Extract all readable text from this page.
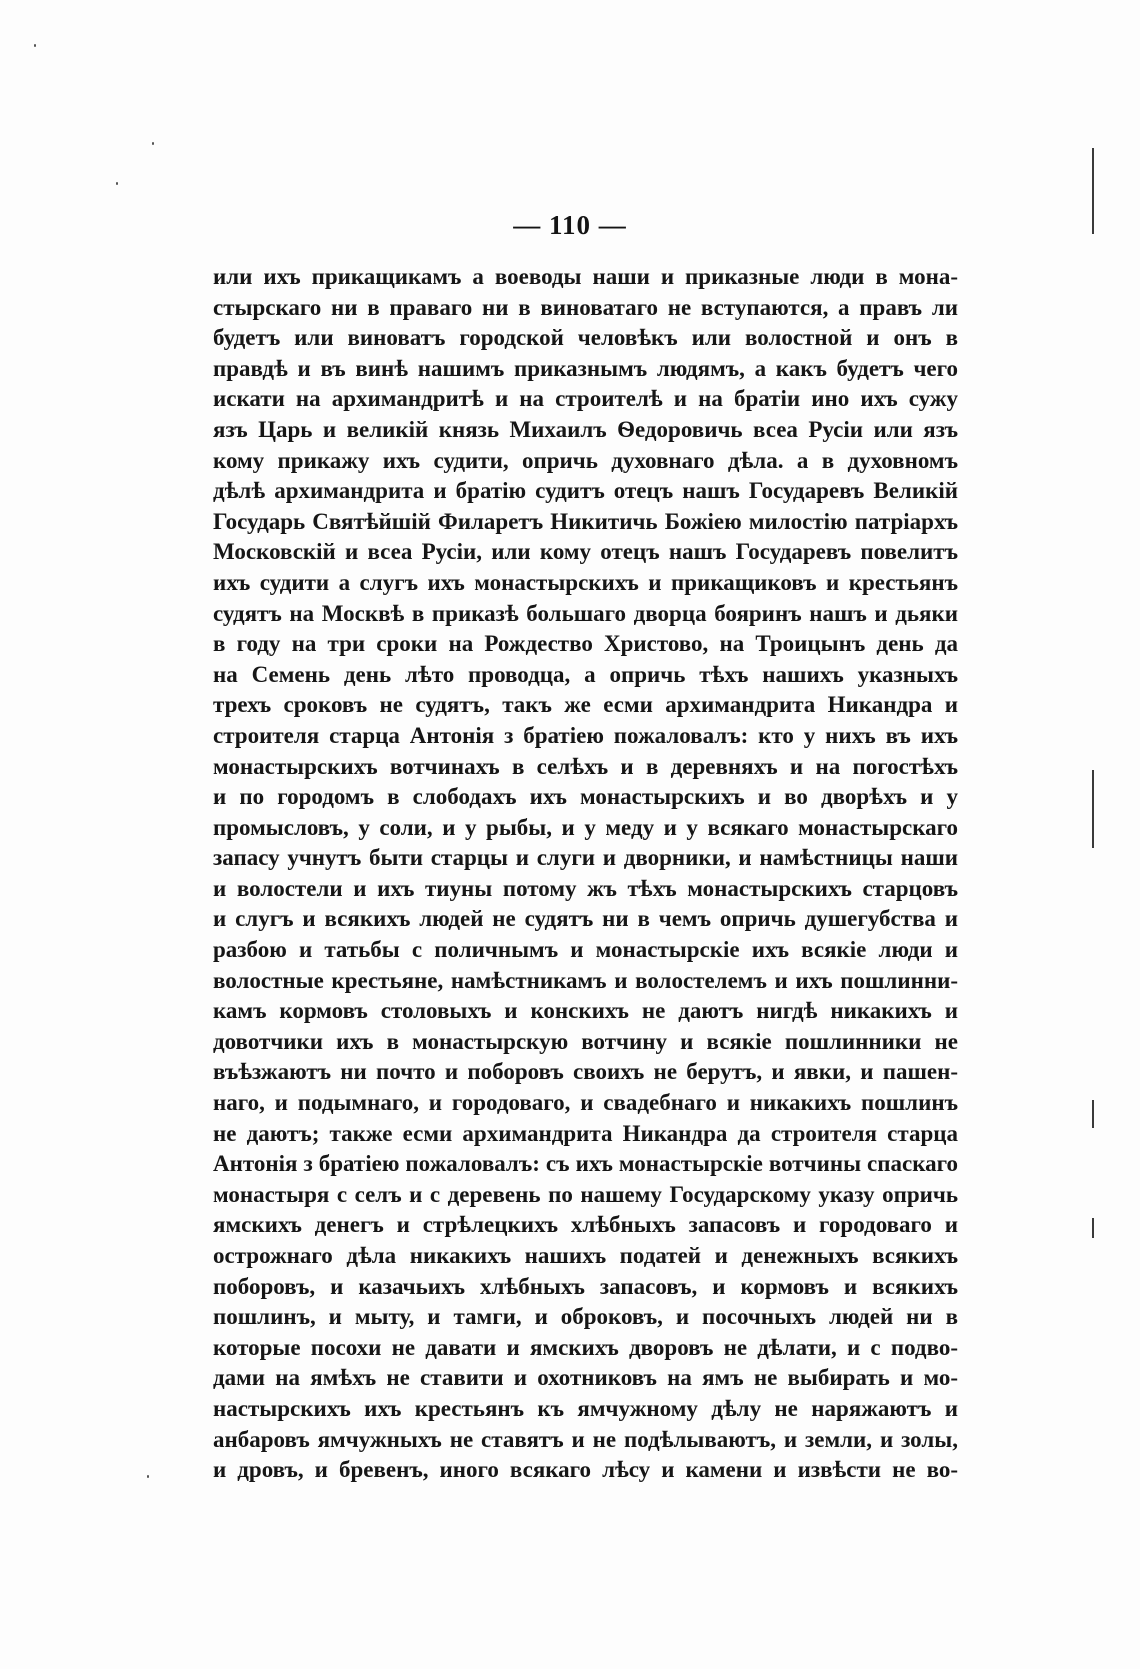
— 110 —
или ихъ прикащикамъ а воеводы наши и приказные люди в мона-
стырскаго ни в праваго ни в виноватаго не вступаются, а правъ ли
будетъ или виноватъ городской человѣкъ или волостной и онъ в
правдѣ и въ винѣ нашимъ приказнымъ людямъ, а какъ будетъ чего
искати на архимандритѣ и на строителѣ и на братіи ино ихъ сужу
язъ Царь и великій князь Михаилъ Ѳедоровичь всеа Русіи или язъ
кому прикажу ихъ судити, опричь духовнаго дѣла. а в духовномъ
дѣлѣ архимандрита и братію судитъ отецъ нашъ Государевъ Великій
Государь Святѣйшій Филаретъ Никитичь Божіею милостію патріархъ
Московскій и всеа Русіи, или кому отецъ нашъ Государевъ повелитъ
ихъ судити а слугъ ихъ монастырскихъ и прикащиковъ и крестьянъ
судятъ на Москвѣ в приказѣ большаго дворца бояринъ нашъ и дьяки
в году на три сроки на Рождество Христово, на Троицынъ день да
на Семень день лѣто проводца, а опричь тѣхъ нашихъ указныхъ
трехъ сроковъ не судятъ, такъ же есми архимандрита Никандра и
строителя старца Антонія з братіею пожаловалъ: кто у нихъ въ ихъ
монастырскихъ вотчинахъ в селѣхъ и в деревняхъ и на погостѣхъ
и по городомъ в слободахъ ихъ монастырскихъ и во дворѣхъ и у
промысловъ, у соли, и у рыбы, и у меду и у всякаго монастырскаго
запасу учнутъ быти старцы и слуги и дворники, и намѣстницы наши
и волостели и ихъ тиуны потому жъ тѣхъ монастырскихъ старцовъ
и слугъ и всякихъ людей не судятъ ни в чемъ опричь душегубства и
разбою и татьбы с поличнымъ и монастырскіе ихъ всякіе люди и
волостные крестьяне, намѣстникамъ и волостелемъ и ихъ пошлинни-
камъ кормовъ столовыхъ и конскихъ не даютъ нигдѣ никакихъ и
довотчики ихъ в монастырскую вотчину и всякіе пошлинники не
въѣзжаютъ ни почто и поборовъ своихъ не берутъ, и явки, и пашен-
наго, и подымнаго, и городоваго, и свадебнаго и никакихъ пошлинъ
не даютъ; также есми архимандрита Никандра да строителя старца
Антонія з братіею пожаловалъ: съ ихъ монастырскіе вотчины спаскаго
монастыря с селъ и с деревень по нашему Государскому указу опричь
ямскихъ денегъ и стрѣлецкихъ хлѣбныхъ запасовъ и городоваго и
острожнаго дѣла никакихъ нашихъ податей и денежныхъ всякихъ
поборовъ, и казачьихъ хлѣбныхъ запасовъ, и кормовъ и всякихъ
пошлинъ, и мыту, и тамги, и оброковъ, и посочныхъ людей ни в
которые посохи не давати и ямскихъ дворовъ не дѣлати, и с подво-
дами на ямѣхъ не ставити и охотниковъ на ямъ не выбирать и мо-
настырскихъ ихъ крестьянъ къ ямчужному дѣлу не наряжаютъ и
анбаровъ ямчужныхъ не ставятъ и не подѣлываютъ, и земли, и золы,
и дровъ, и бревенъ, иного всякаго лѣсу и камени и извѣсти не во-
